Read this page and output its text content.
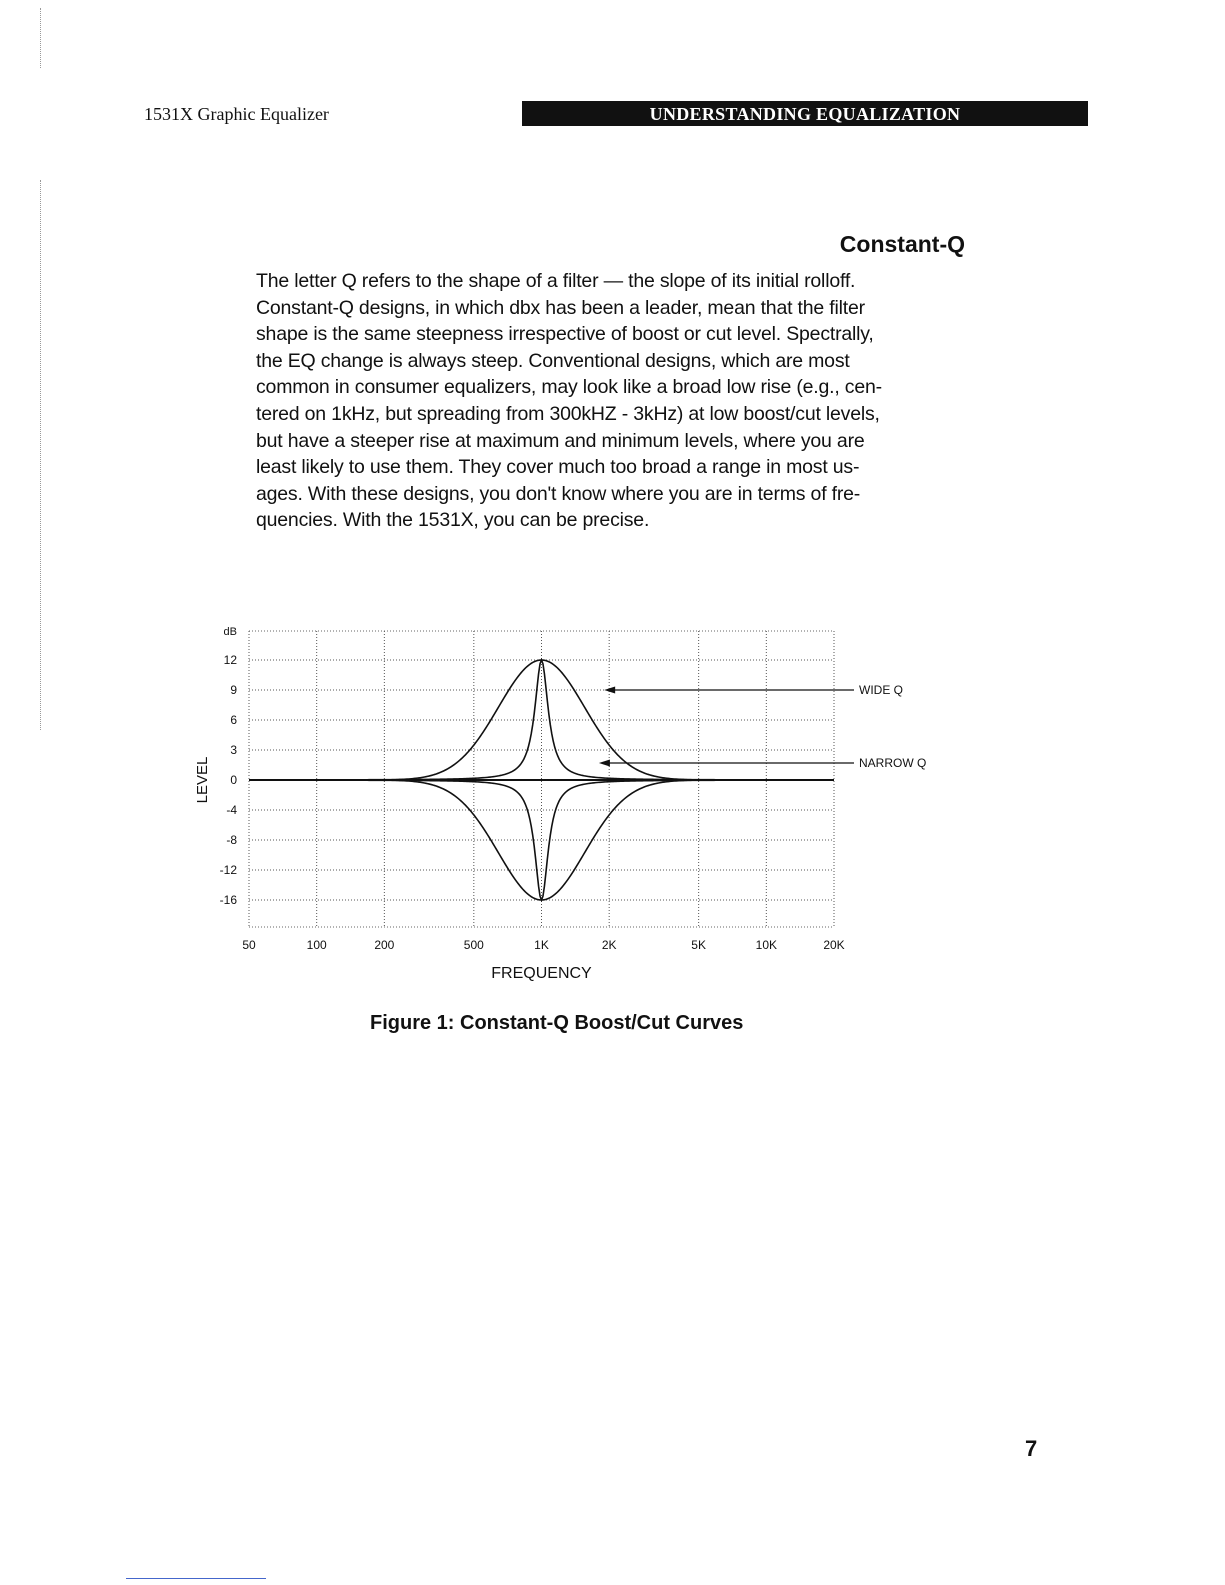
1531X Graphic Equalizer	UNDERSTANDING EQUALIZATION
Constant-Q

The letter Q refers to the shape of a filter — the slope of its initial rolloff.
Constant-Q designs, in which dbx has been a leader, mean that the filter
shape is the same steepness irrespective of boost or cut level. Spectrally,
the EQ change is always steep. Conventional designs, which are most
common in consumer equalizers, may look like a broad low rise (e.g., cen-
tered on 1kHz, but spreading from 300kHZ - 3kHz) at low boost/cut levels,
but have a steeper rise at maximum and minimum levels, where you are
least likely to use them. They cover much too broad a range in most us-
ages. With these designs, you don't know where you are in terms of fre-
quencies. With the 1531X, you can be precise.

50	100	200	500	1K	2K	5K	10K	20K
12
9
6
3
0
-4
-8
-12
-16
dB
LEVEL
FREQUENCY
WIDE Q
NARROW Q
Figure 1: Constant-Q Boost/Cut Curves
7
